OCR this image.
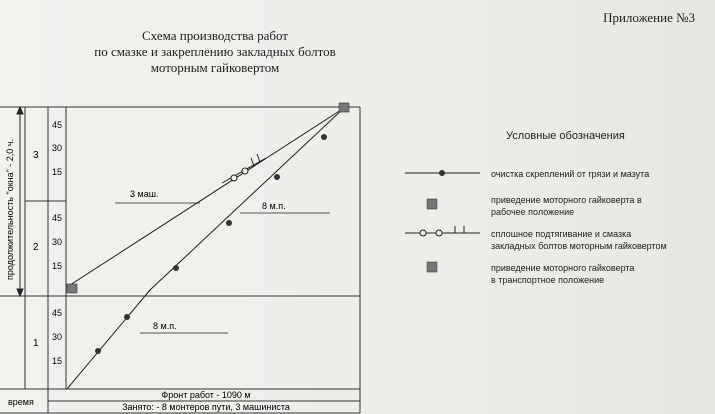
Приложение №3
Схема производства работ
по смазке и закреплению закладных болтов
моторным гайковертом
продолжительность "окна" - 2,0 ч. 3
2
1
45
30
15
45
30
15
45
30
15
время
Фронт работ - 1090 м
Занято: - 8 монтеров пути, 3 машиниста
3 маш.
8 м.п.
8 м.п.
Условные обозначения
очистка скреплений от грязи и мазута
приведение моторного гайковерта в
рабочее положение
сплошное подтягивание и смазка
закладных болтов моторным гайковертом
приведение моторного гайковерта
в транспортное положение
